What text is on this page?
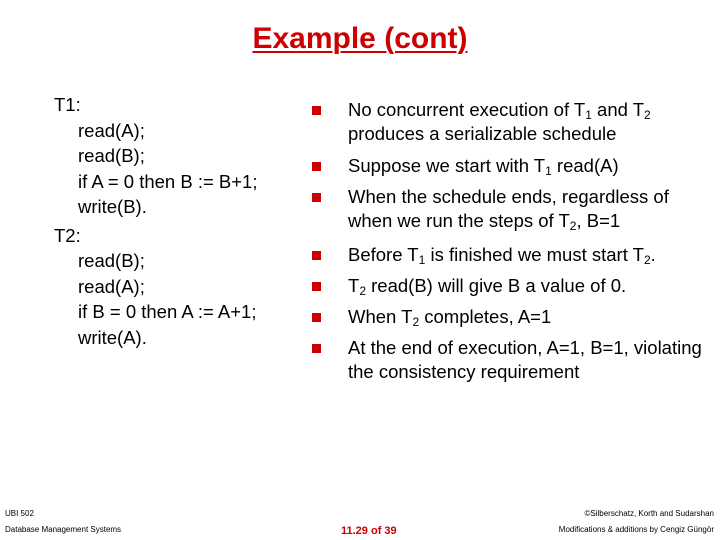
Example (cont)
T1:
read(A);
read(B);
if A = 0 then B := B+1;
write(B).
T2:
read(B);
read(A);
if B = 0 then A := A+1;
write(A).
No concurrent execution of $T_1$ and $T_2$ produces a serializable schedule
Suppose we start with $T_1$ read(A)
When the schedule ends, regardless of when we run the steps of $T_2$, B=1
Before $T_1$ is finished we must start $T_2$.
$T_2$ read(B) will give B a value of 0.
When $T_2$ completes, A=1
At the end of execution, A=1, B=1, violating the consistency requirement
UBI 502
Database Management Systems	11.29 of 39
©Silberschatz, Korth and Sudarshan
Modifications & additions by Cengiz Güngör
